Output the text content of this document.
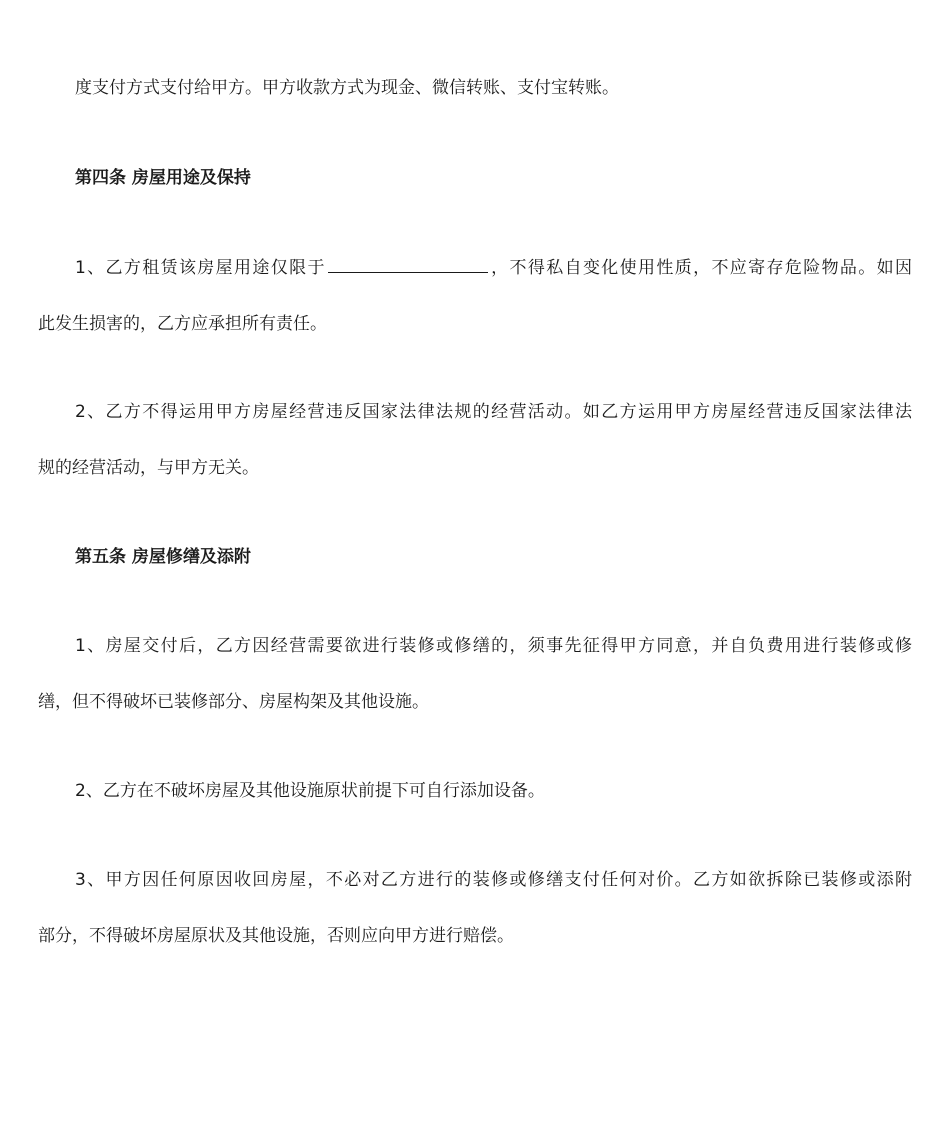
度支付方式支付给甲方。甲方收款方式为现金、微信转账、支付宝转账。
第四条 房屋用途及保持
1、乙方租赁该房屋用途仅限于	，不得私自变化使用性质，不应寄存危险物品。如因
此发生损害的，乙方应承担所有责任。
2、乙方不得运用甲方房屋经营违反国家法律法规的经营活动。如乙方运用甲方房屋经营违反国家法律法
规的经营活动，与甲方无关。
第五条 房屋修缮及添附
1、房屋交付后，乙方因经营需要欲进行装修或修缮的，须事先征得甲方同意，并自负费用进行装修或修
缮，但不得破坏已装修部分、房屋构架及其他设施。
2、乙方在不破坏房屋及其他设施原状前提下可自行添加设备。
3、甲方因任何原因收回房屋，不必对乙方进行的装修或修缮支付任何对价。乙方如欲拆除已装修或添附
部分，不得破坏房屋原状及其他设施，否则应向甲方进行赔偿。
